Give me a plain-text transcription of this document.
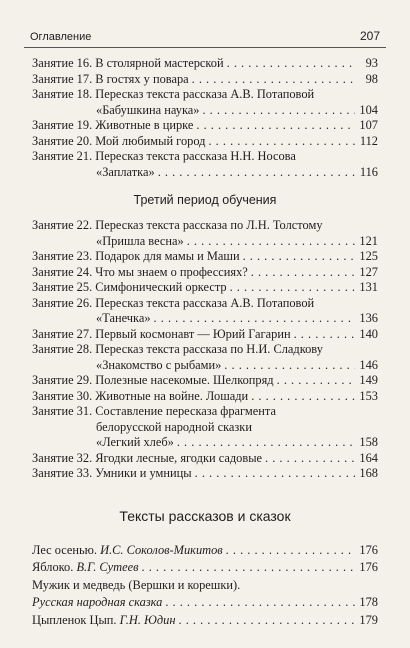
Оглавление	207
Занятие 16. В столярной мастерской . . .	93
Занятие 17. В гостях у повара . . .	98
Занятие 18. Пересказ текста рассказа А.В. Потаповой
«Бабушкина наука» . . .	104
Занятие 19. Животные в цирке . . .	107
Занятие 20. Мой любимый город . . .	112
Занятие 21. Пересказ текста рассказа Н.Н. Носова
«Заплатка» . . .	116
Третий период обучения
Занятие 22. Пересказ текста рассказа по Л.Н. Толстому
«Пришла весна» . . .	121
Занятие 23. Подарок для мамы и Маши . . .	125
Занятие 24. Что мы знаем о профессиях? . . .	127
Занятие 25. Симфонический оркестр . . .	131
Занятие 26. Пересказ текста рассказа А.В. Потаповой
«Танечка» . . .	136
Занятие 27. Первый космонавт — Юрий Гагарин . . .	140
Занятие 28. Пересказ текста рассказа по Н.И. Сладкову
«Знакомство с рыбами» . . .	146
Занятие 29. Полезные насекомые. Шелкопряд . . .	149
Занятие 30. Животные на войне. Лошади . . .	153
Занятие 31. Составление пересказа фрагмента
белорусской народной сказки
«Легкий хлеб» . . .	158
Занятие 32. Ягодки лесные, ягодки садовые . . .	164
Занятие 33. Умники и умницы . . .	168
Тексты рассказов и сказок
Лес осенью. И.С. Соколов-Микитов . . .	176
Яблоко. В.Г. Сутеев . . .	176
Мужик и медведь (Вершки и корешки).
Русская народная сказка . . .	178
Цыпленок Цып. Г.Н. Юдин . . .	179
